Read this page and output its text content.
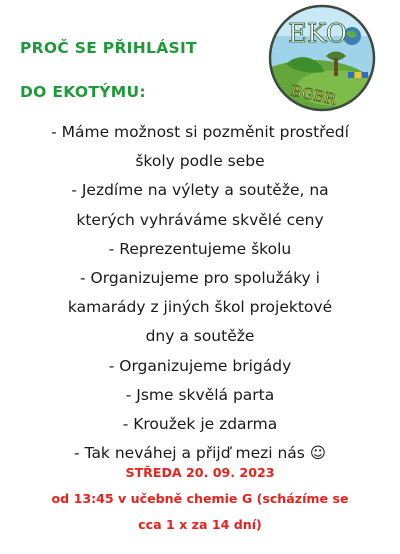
PROČ SE PŘIHLÁSIT
DO EKOTÝMU:
EKO
BGBR
- Máme možnost si pozměnit prostředí
školy podle sebe
- Jezdíme na výlety a soutěže, na
kterých vyhráváme skvělé ceny
- Reprezentujeme školu
- Organizujeme pro spolužáky i
kamarády z jiných škol projektové
dny a soutěže
- Organizujeme brigády
- Jsme skvělá parta
- Kroužek je zdarma
- Tak neváhej a přijď mezi nás ☺
STŘEDA 20. 09. 2023
od 13:45 v učebně chemie G (scházíme se
cca 1 x za 14 dní)
